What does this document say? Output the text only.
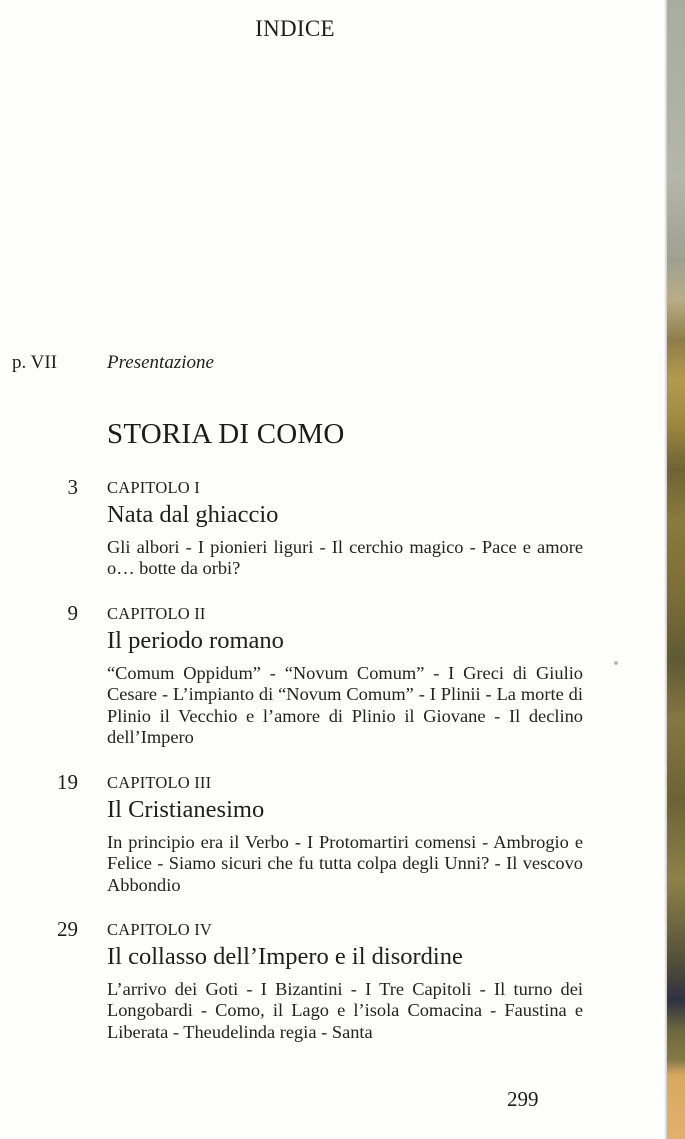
INDICE
p. VII	Presentazione
STORIA DI COMO
3 CAPITOLO I
Nata dal ghiaccio
Gli albori - I pionieri liguri - Il cerchio magico - Pace e amore o… botte da orbi?
9 CAPITOLO II
Il periodo romano
“Comum Oppidum” - “Novum Comum” - I Greci di Giulio Cesare - L’impianto di “Novum Comum” - I Plinii - La morte di Plinio il Vecchio e l’amore di Plinio il Giovane - Il declino dell’Impero
19 CAPITOLO III
Il Cristianesimo
In principio era il Verbo - I Protomartiri comensi - Ambrogio e Felice - Siamo sicuri che fu tutta colpa degli Unni? - Il vescovo Abbondio
29 CAPITOLO IV
Il collasso dell’Impero e il disordine
L’arrivo dei Goti - I Bizantini - I Tre Capitoli - Il turno dei Longobardi - Como, il Lago e l’isola Comacina - Faustina e Liberata - Theudelinda regia - Santa
299
